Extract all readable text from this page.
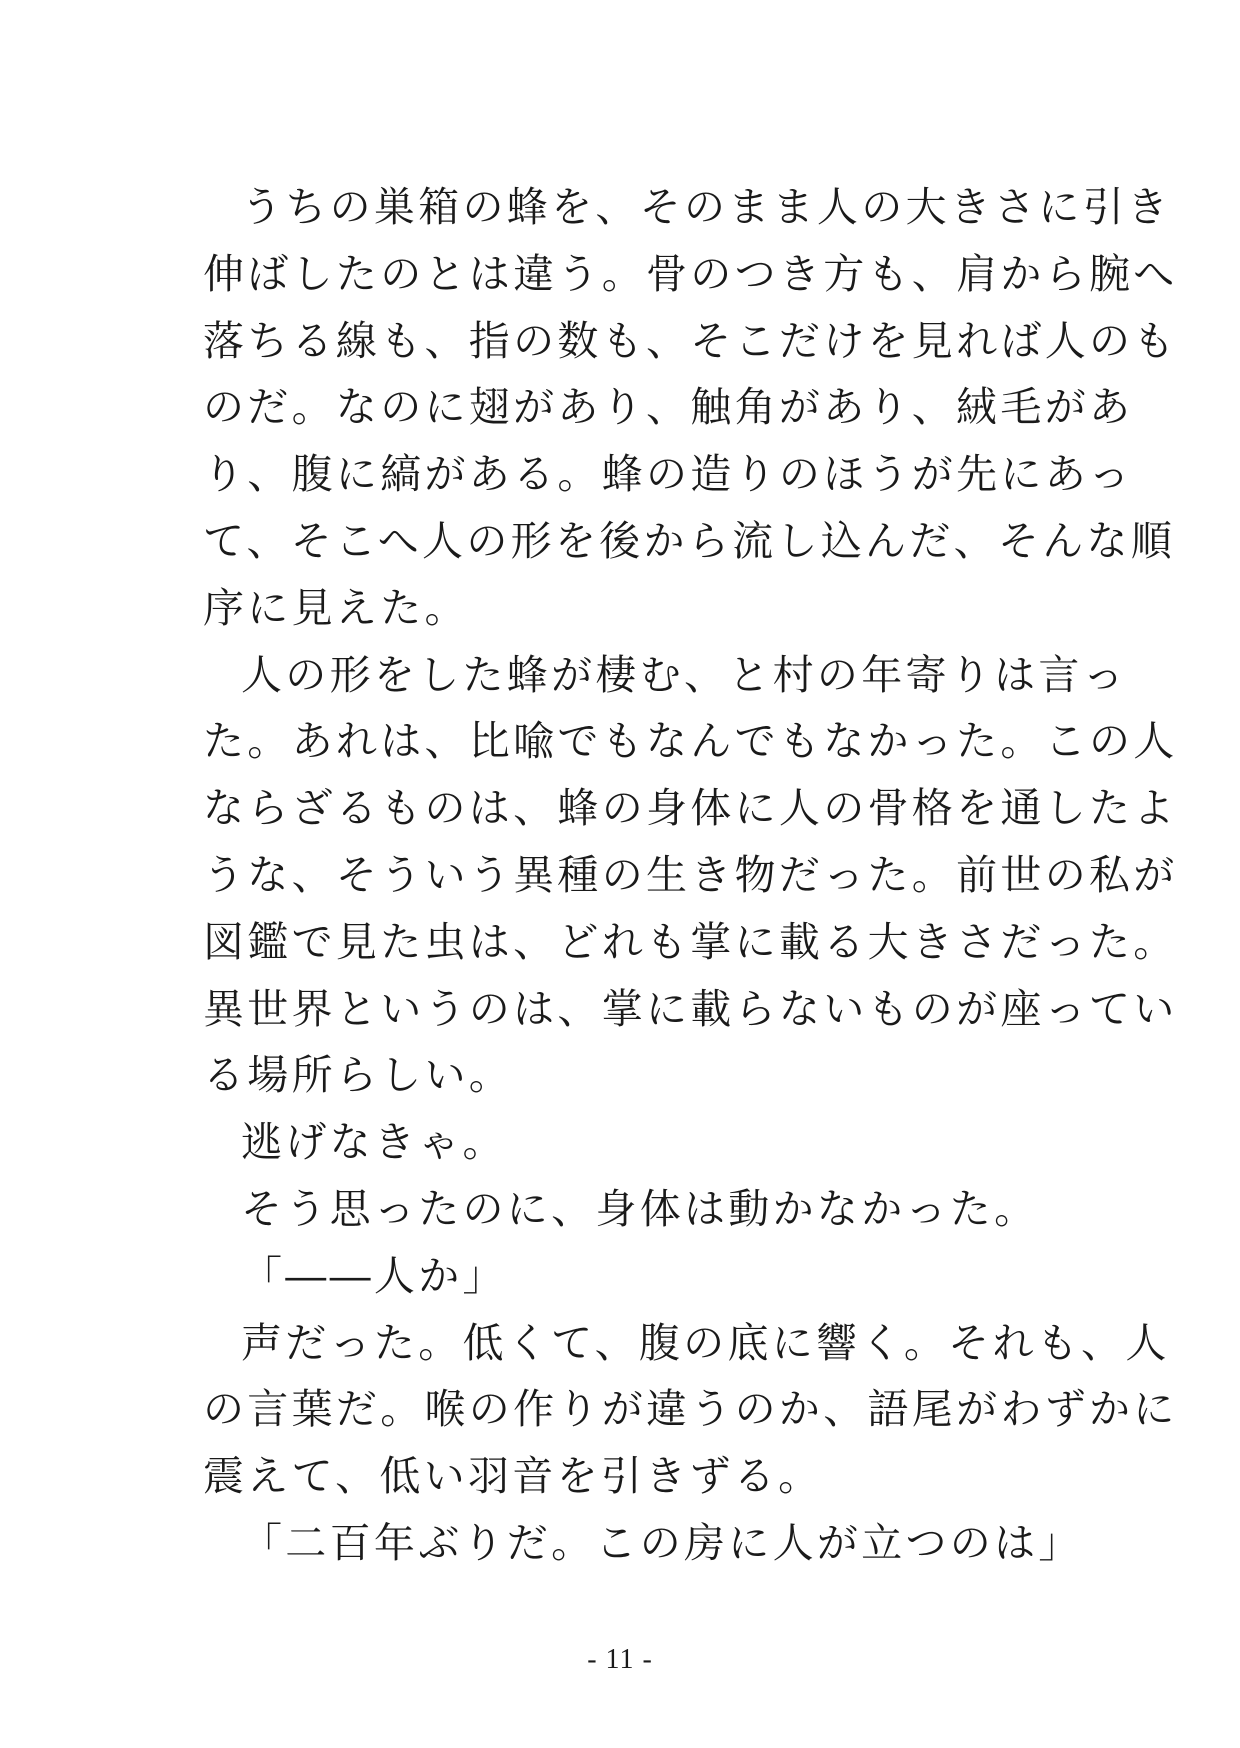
うちの巣箱の蜂を、そのまま人の大きさに引き
伸ばしたのとは違う。骨のつき方も、肩から腕へ
落ちる線も、指の数も、そこだけを見れば人のも
のだ。なのに翅があり、触角があり、絨毛があ
り、腹に縞がある。蜂の造りのほうが先にあっ
て、そこへ人の形を後から流し込んだ、そんな順
序に見えた。
人の形をした蜂が棲む、と村の年寄りは言っ
た。あれは、比喩でもなんでもなかった。この人
ならざるものは、蜂の身体に人の骨格を通したよ
うな、そういう異種の生き物だった。前世の私が
図鑑で見た虫は、どれも掌に載る大きさだった。
異世界というのは、掌に載らないものが座ってい
る場所らしい。
逃げなきゃ。
そう思ったのに、身体は動かなかった。
「――人か」
声だった。低くて、腹の底に響く。それも、人
の言葉だ。喉の作りが違うのか、語尾がわずかに
震えて、低い羽音を引きずる。
「二百年ぶりだ。この房に人が立つのは」
- 11 -
